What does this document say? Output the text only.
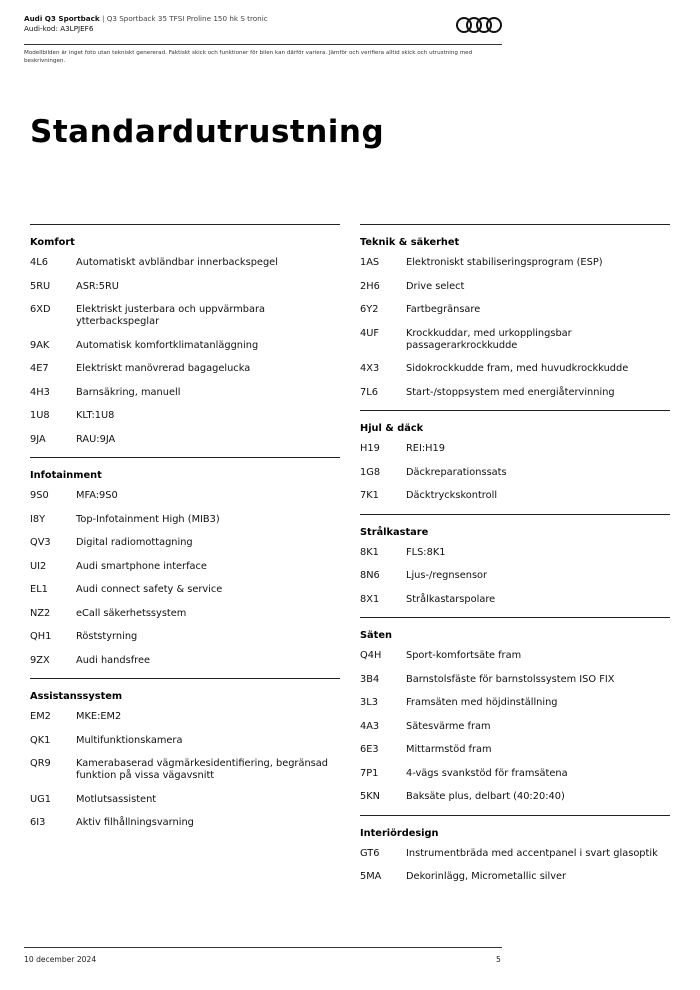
Audi Q3 Sportback | Q3 Sportback 35 TFSI Proline 150 hk S tronic
Audi-kod: A3LPJEF6
Modellbilden är inget foto utan tekniskt genererad. Faktiskt skick och funktioner för bilen kan därför variera. Jämför och verifiera alltid skick och utrustning med beskrivningen.
Standardutrustning
Komfort
4L6	Automatiskt avbländbar innerbackspegel
5RU	ASR:5RU
6XD	Elektriskt justerbara och uppvärmbara ytterbackspeglar
9AK	Automatisk komfortklimatanläggning
4E7	Elektriskt manövrerad bagagelucka
4H3	Barnsäkring, manuell
1U8	KLT:1U8
9JA	RAU:9JA
Infotainment
9S0	MFA:9S0
I8Y	Top-Infotainment High (MIB3)
QV3	Digital radiomottagning
UI2	Audi smartphone interface
EL1	Audi connect safety & service
NZ2	eCall säkerhetssystem
QH1	Röststyrning
9ZX	Audi handsfree
Assistanssystem
EM2	MKE:EM2
QK1	Multifunktionskamera
QR9	Kamerabaserad vägmärkesidentifiering, begränsad funktion på vissa vägavsnitt
UG1	Motlutsassistent
6I3	Aktiv filhållningsvarning
Teknik & säkerhet
1AS	Elektroniskt stabiliseringsprogram (ESP)
2H6	Drive select
6Y2	Fartbegränsare
4UF	Krockkuddar, med urkopplingsbar passagerarkrockkudde
4X3	Sidokrockkudde fram, med huvudkrockkudde
7L6	Start-/stoppsystem med energiåtervinning
Hjul & däck
H19	REI:H19
1G8	Däckreparationssats
7K1	Däcktryckskontroll
Strålkastare
8K1	FLS:8K1
8N6	Ljus-/regnsensor
8X1	Strålkastarspolare
Säten
Q4H	Sport-komfortsäte fram
3B4	Barnstolsfäste för barnstolssystem ISO FIX
3L3	Framsäten med höjdinställning
4A3	Sätesvärme fram
6E3	Mittarmstöd fram
7P1	4-vägs svankstöd för framsätena
5KN	Baksäte plus, delbart (40:20:40)
Interiördesign
GT6	Instrumentbräda med accentpanel i svart glasoptik
5MA	Dekorinlägg, Micrometallic silver
10 december 2024	5
